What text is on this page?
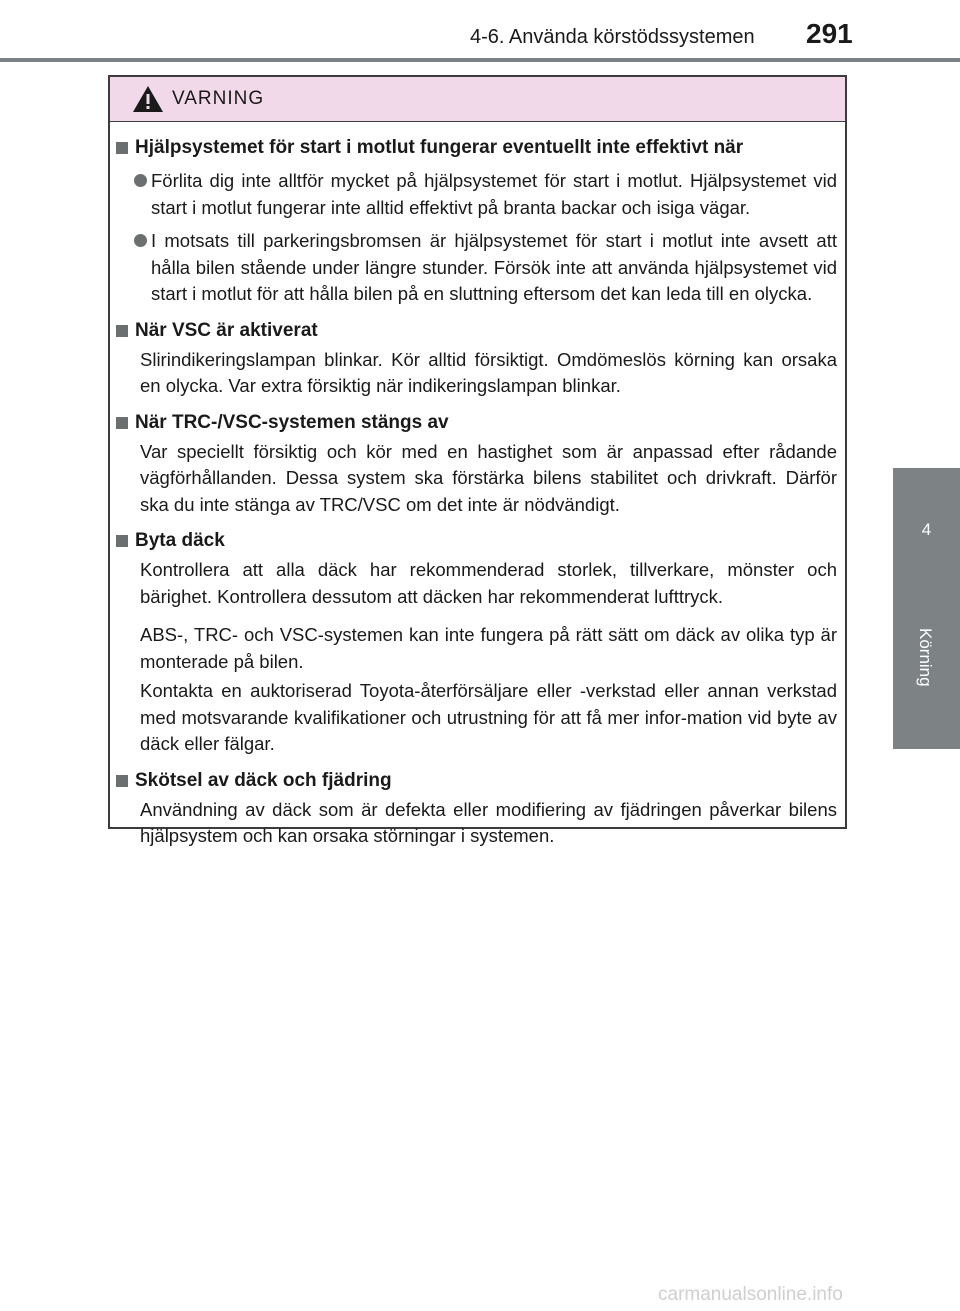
4-6. Använda körstödssystemen 291
4
Körning
VARNING
Hjälpsystemet för start i motlut fungerar eventuellt inte effektivt när
Förlita dig inte alltför mycket på hjälpsystemet för start i motlut. Hjälpsystemet vid start i motlut fungerar inte alltid effektivt på branta backar och isiga vägar.
I motsats till parkeringsbromsen är hjälpsystemet för start i motlut inte avsett att hålla bilen stående under längre stunder. Försök inte att använda hjälpsystemet vid start i motlut för att hålla bilen på en sluttning eftersom det kan leda till en olycka.
När VSC är aktiverat
Slirindikeringslampan blinkar. Kör alltid försiktigt. Omdömeslös körning kan orsaka en olycka. Var extra försiktig när indikeringslampan blinkar.
När TRC-/VSC-systemen stängs av
Var speciellt försiktig och kör med en hastighet som är anpassad efter rådande vägförhållanden. Dessa system ska förstärka bilens stabilitet och drivkraft. Därför ska du inte stänga av TRC/VSC om det inte är nödvändigt.
Byta däck
Kontrollera att alla däck har rekommenderad storlek, tillverkare, mönster och bärighet. Kontrollera dessutom att däcken har rekommenderat lufttryck.
ABS-, TRC- och VSC-systemen kan inte fungera på rätt sätt om däck av olika typ är monterade på bilen.
Kontakta en auktoriserad Toyota-återförsäljare eller -verkstad eller annan verkstad med motsvarande kvalifikationer och utrustning för att få mer infor-mation vid byte av däck eller fälgar.
Skötsel av däck och fjädring
Användning av däck som är defekta eller modifiering av fjädringen påverkar bilens hjälpsystem och kan orsaka störningar i systemen.
carmanualsonline.info
